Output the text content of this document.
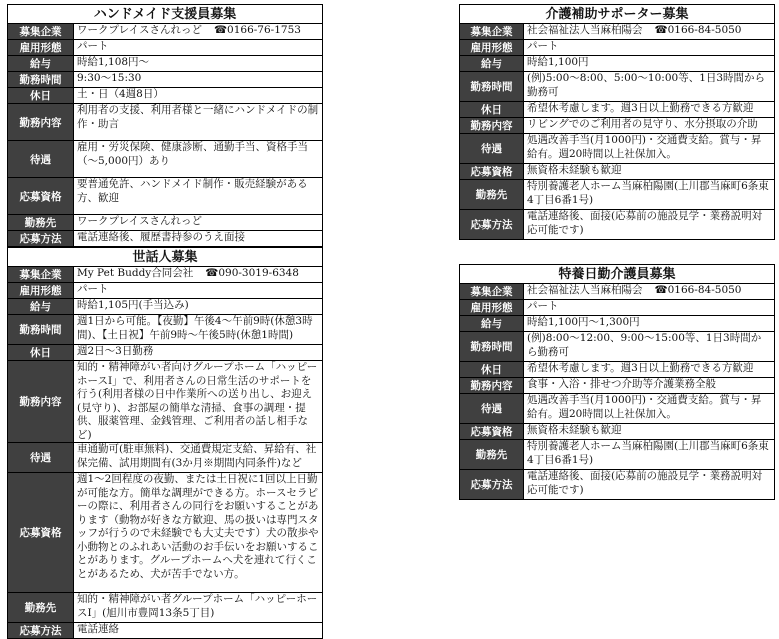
ハンドメイド支援員募集
募集企業	ワークプレイスさんれっど ☎0166-76-1753
雇用形態	パート
給与	時給1,108円～
勤務時間	9:30～15:30
休日	土・日（4週8日）
勤務内容	利用者の支援、利用者様と一緒にハンドメイドの制作・助言
待遇	雇用・労災保険、健康診断、通勤手当、資格手当（～5,000円）あり
応募資格	要普通免許、ハンドメイド制作・販売経験がある方、歓迎
勤務先	ワークプレイスさんれっど
応募方法	電話連絡後、履歴書持参のうえ面接
介護補助サポーター募集
募集企業	社会福祉法人当麻柏陽会 ☎0166-84-5050
雇用形態	パート
給与	時給1,100円
勤務時間	(例)5:00～8:00、5:00～10:00等、1日3時間から勤務可
休日	希望休考慮します。週3日以上勤務できる方歓迎
勤務内容	リビングでのご利用者の見守り、水分摂取の介助
待遇	処遇改善手当(月1000円)・交通費支給。賞与・昇給有。週20時間以上社保加入。
応募資格	無資格未経験も歓迎
勤務先	特別養護老人ホーム当麻柏陽園(上川郡当麻町6条東4丁目6番1号)
応募方法	電話連絡後、面接(応募前の施設見学・業務説明対応可能です)
世話人募集
募集企業	My Pet Buddy合同会社 ☎090-3019-6348
雇用形態	パート
給与	時給1,105円(手当込み)
勤務時間	週1日から可能。【夜勤】午後4～午前9時(休憩3時間)、【土日祝】午前9時～午後5時(休憩1時間)
休日	週2日～3日勤務
勤務内容	知的・精神障がい者向けグループホーム「ハッピーホースⅠ」で、利用者さんの日常生活のサポートを行う(利用者様の日中作業所への送り出し、お迎え(見守り)、お部屋の簡単な清掃、食事の調理・提供、服薬管理、金銭管理、ご利用者の話し相手など)
待遇	車通勤可(駐車無料)、交通費規定支給、昇給有、社保完備、試用期間有(3か月※期間内同条件)など
応募資格	週1～2回程度の夜勤、または土日祝に1回以上日勤が可能な方。簡単な調理ができる方。ホースセラピーの際に、利用者さんの同行をお願いすることがあります（動物が好きな方歓迎、馬の扱いは専門スタッフが行うので未経験でも大丈夫です）犬の散歩や小動物とのふれあい活動のお手伝いをお願いすることがあります。グループホームへ犬を連れて行くことがあるため、犬が苦手でない方。
勤務先	知的・精神障がい者グループホーム「ハッピーホースⅠ」(旭川市豊岡13条5丁目)
応募方法	電話連絡
特養日勤介護員募集
募集企業	社会福祉法人当麻柏陽会 ☎0166-84-5050
雇用形態	パート
給与	時給1,100円～1,300円
勤務時間	(例)8:00～12:00、9:00～15:00等、1日3時間から勤務可
休日	希望休考慮します。週3日以上勤務できる方歓迎
勤務内容	食事・入浴・排せつ介助等介護業務全般
待遇	処遇改善手当(月1000円)・交通費支給。賞与・昇給有。週20時間以上社保加入。
応募資格	無資格未経験も歓迎
勤務先	特別養護老人ホーム当麻柏陽園(上川郡当麻町6条東4丁目6番1号)
応募方法	電話連絡後、面接(応募前の施設見学・業務説明対応可能です)
